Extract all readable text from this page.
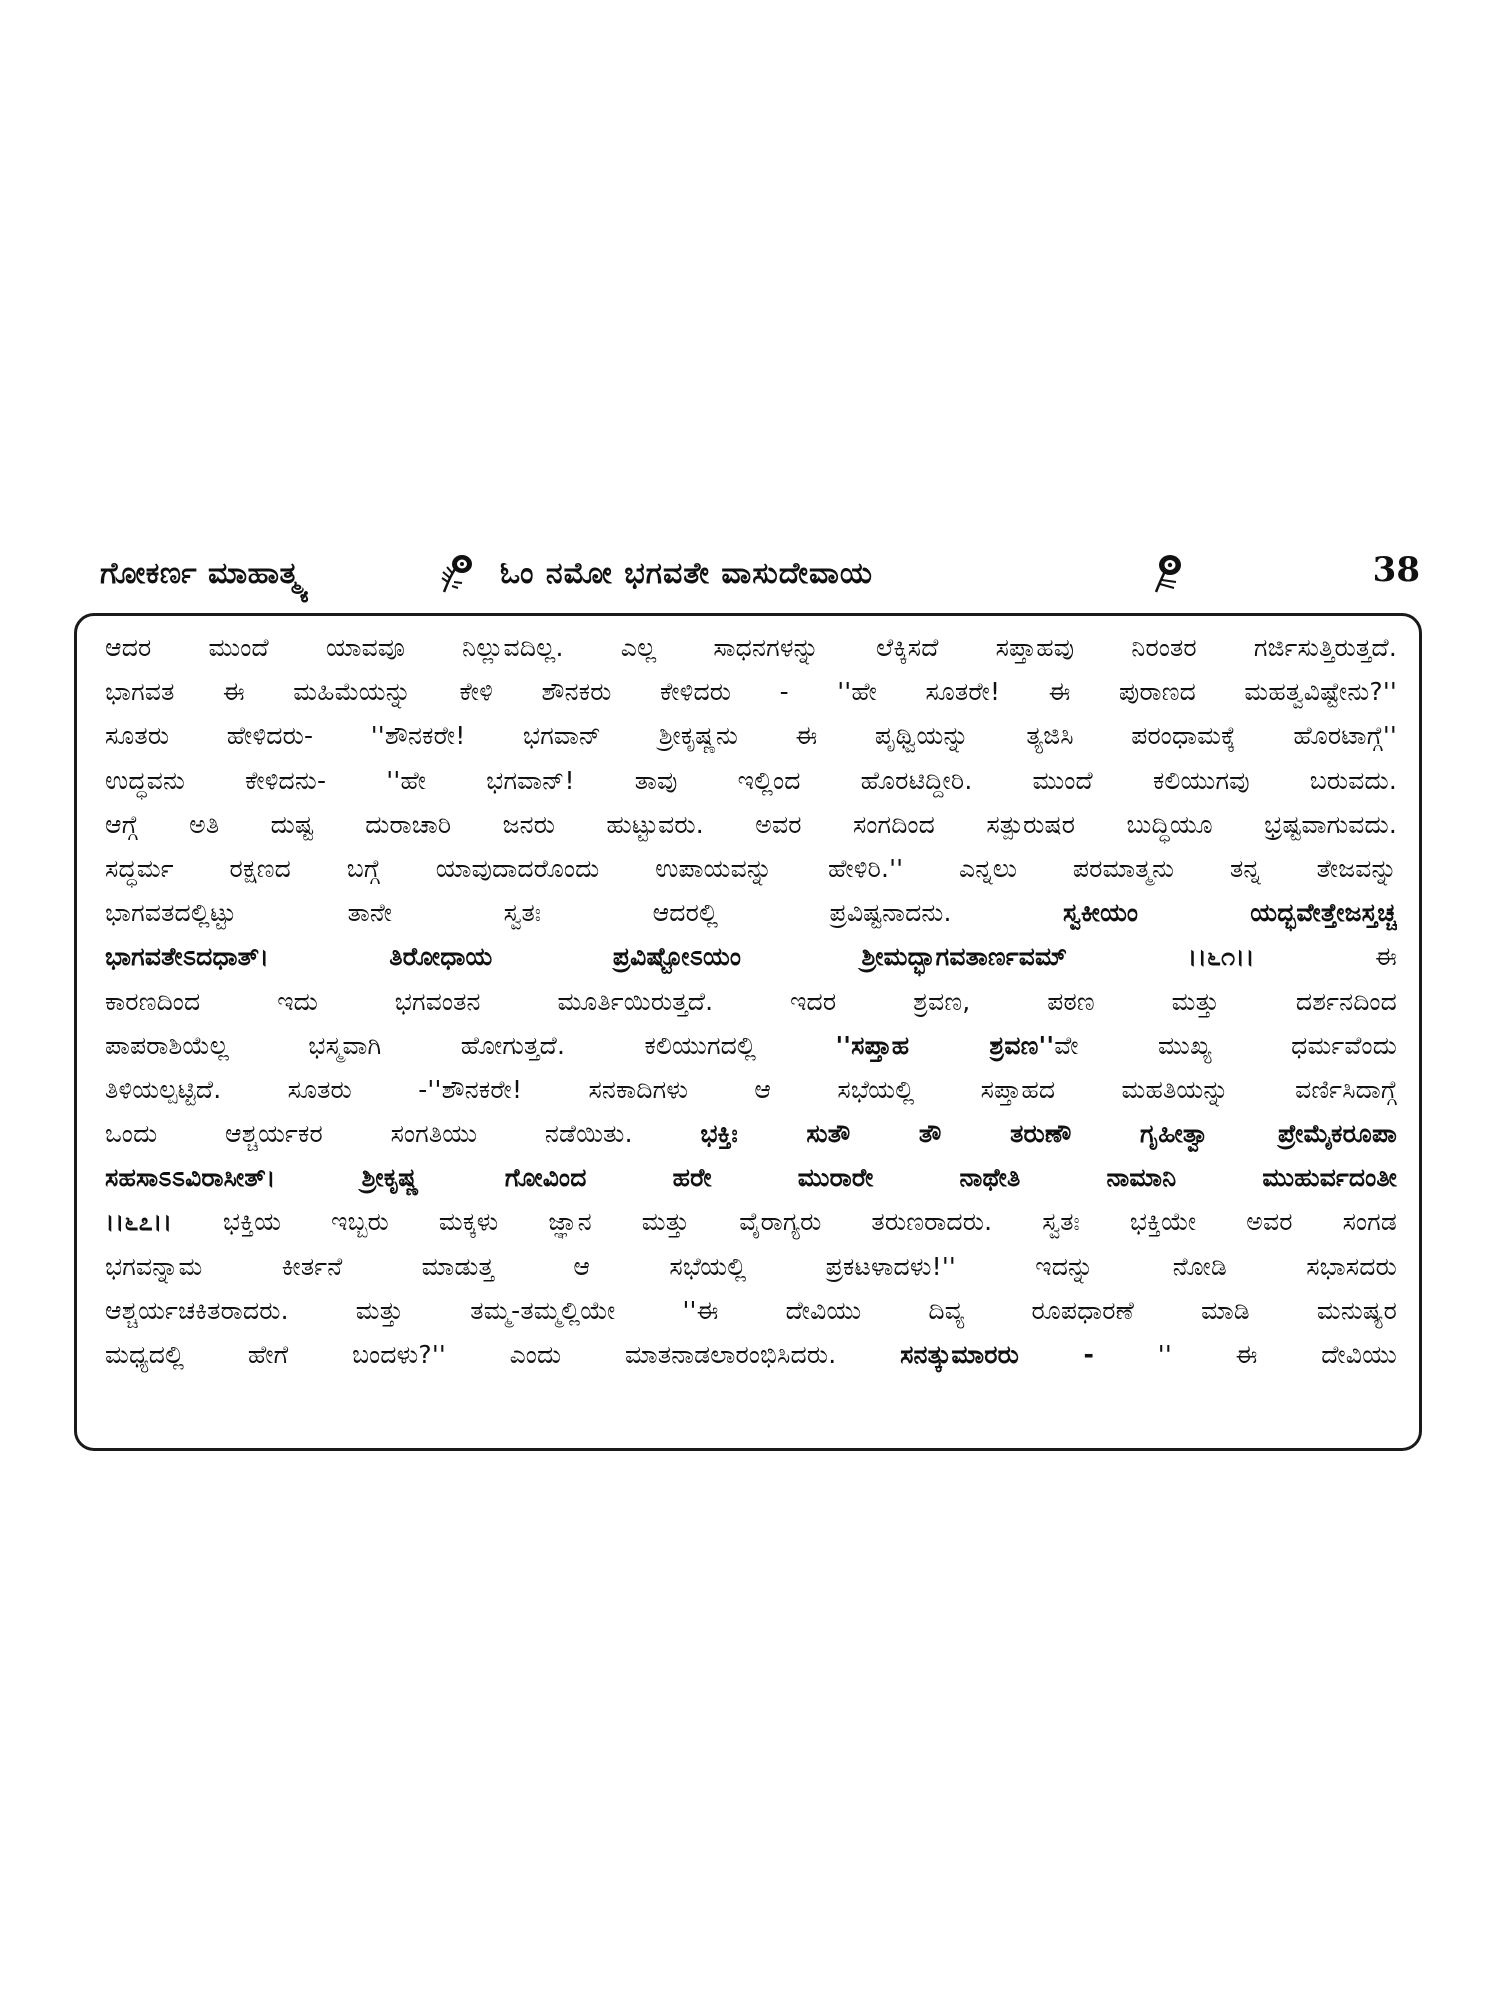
ಗೋಕರ್ಣ ಮಾಹಾತ್ಮ್ಯ	ಓಂ ನಮೋ ಭಗವತೇ ವಾಸುದೇವಾಯ	38
ಆದರ ಮುಂದೆ ಯಾವವೂ ನಿಲ್ಲುವದಿಲ್ಲ. ಎಲ್ಲ ಸಾಧನಗಳನ್ನು ಲೆಕ್ಕಿಸದೆ ಸಪ್ತಾಹವು ನಿರಂತರ ಗರ್ಜಿಸುತ್ತಿರುತ್ತದೆ.
ಭಾಗವತ ಈ ಮಹಿಮೆಯನ್ನು ಕೇಳಿ ಶೌನಕರು ಕೇಳಿದರು - ''ಹೇ ಸೂತರೇ! ಈ ಪುರಾಣದ ಮಹತ್ವವಿಷ್ಟೇನು?''
ಸೂತರು ಹೇಳಿದರು- ''ಶೌನಕರೇ! ಭಗವಾನ್ ಶ್ರೀಕೃಷ್ಣನು ಈ ಪೃಥ್ವಿಯನ್ನು ತ್ಯಜಿಸಿ ಪರಂಧಾಮಕ್ಕೆ ಹೊರಟಾಗ್ಗೆ''
ಉದ್ಧವನು ಕೇಳಿದನು- ''ಹೇ ಭಗವಾನ್! ತಾವು ಇಲ್ಲಿಂದ ಹೊರಟಿದ್ದೀರಿ. ಮುಂದೆ ಕಲಿಯುಗವು ಬರುವದು.
ಆಗ್ಗೆ ಅತಿ ದುಷ್ಟ ದುರಾಚಾರಿ ಜನರು ಹುಟ್ಟುವರು. ಅವರ ಸಂಗದಿಂದ ಸತ್ಪುರುಷರ ಬುದ್ಧಿಯೂ ಭ್ರಷ್ಟವಾಗುವದು.
ಸದ್ಧರ್ಮ ರಕ್ಷಣದ ಬಗ್ಗೆ ಯಾವುದಾದರೊಂದು ಉಪಾಯವನ್ನು ಹೇಳಿರಿ.'' ಎನ್ನಲು ಪರಮಾತ್ಮನು ತನ್ನ ತೇಜವನ್ನು
ಭಾಗವತದಲ್ಲಿಟ್ಟು ತಾನೇ ಸ್ವತಃ ಆದರಲ್ಲಿ ಪ್ರವಿಷ್ಟನಾದನು. ಸ್ವಕೀಯಂ ಯದ್ಭವೇತ್ತೇಜಸ್ತಚ್ಚ
ಭಾಗವತೇಽದಧಾತ್। ತಿರೋಧಾಯ ಪ್ರವಿಷ್ಟೋಽಯಂ ಶ್ರೀಮದ್ಭಾಗವತಾರ್ಣವಮ್ ।।೬೧।। ಈ
ಕಾರಣದಿಂದ ಇದು ಭಗವಂತನ ಮೂರ್ತಿಯಿರುತ್ತದೆ. ಇದರ ಶ್ರವಣ, ಪಠಣ ಮತ್ತು ದರ್ಶನದಿಂದ
ಪಾಪರಾಶಿಯೆಲ್ಲ ಭಸ್ಮವಾಗಿ ಹೋಗುತ್ತದೆ. ಕಲಿಯುಗದಲ್ಲಿ ''ಸಪ್ತಾಹ ಶ್ರವಣ''ವೇ ಮುಖ್ಯ ಧರ್ಮವೆಂದು
ತಿಳಿಯಲ್ಪಟ್ಟಿದೆ. ಸೂತರು -''ಶೌನಕರೇ! ಸನಕಾದಿಗಳು ಆ ಸಭೆಯಲ್ಲಿ ಸಪ್ತಾಹದ ಮಹತಿಯನ್ನು ವರ್ಣಿಸಿದಾಗ್ಗೆ
ಒಂದು ಆಶ್ಚರ್ಯಕರ ಸಂಗತಿಯು ನಡೆಯಿತು. ಭಕ್ತಿಃ ಸುತೌ ತೌ ತರುಣೌ ಗೃಹೀತ್ವಾ ಪ್ರೇಮೈಕರೂಪಾ
ಸಹಸಾಽಽವಿರಾಸೀತ್। ಶ್ರೀಕೃಷ್ಣ ಗೋವಿಂದ ಹರೇ ಮುರಾರೇ ನಾಥೇತಿ ನಾಮಾನಿ ಮುಹುರ್ವದಂತೀ
।।೬೭।। ಭಕ್ತಿಯ ಇಬ್ಬರು ಮಕ್ಕಳು ಜ್ಞಾನ ಮತ್ತು ವೈರಾಗ್ಯರು ತರುಣರಾದರು. ಸ್ವತಃ ಭಕ್ತಿಯೇ ಅವರ ಸಂಗಡ
ಭಗವನ್ನಾಮ ಕೀರ್ತನೆ ಮಾಡುತ್ತ ಆ ಸಭೆಯಲ್ಲಿ ಪ್ರಕಟಳಾದಳು!'' ಇದನ್ನು ನೋಡಿ ಸಭಾಸದರು
ಆಶ್ಚರ್ಯಚಕಿತರಾದರು. ಮತ್ತು ತಮ್ಮ-ತಮ್ಮಲ್ಲಿಯೇ ''ಈ ದೇವಿಯು ದಿವ್ಯ ರೂಪಧಾರಣೆ ಮಾಡಿ ಮನುಷ್ಯರ
ಮಧ್ಯದಲ್ಲಿ ಹೇಗೆ ಬಂದಳು?'' ಎಂದು ಮಾತನಾಡಲಾರಂಭಿಸಿದರು. ಸನತ್ಕುಮಾರರು - '' ಈ ದೇವಿಯು
